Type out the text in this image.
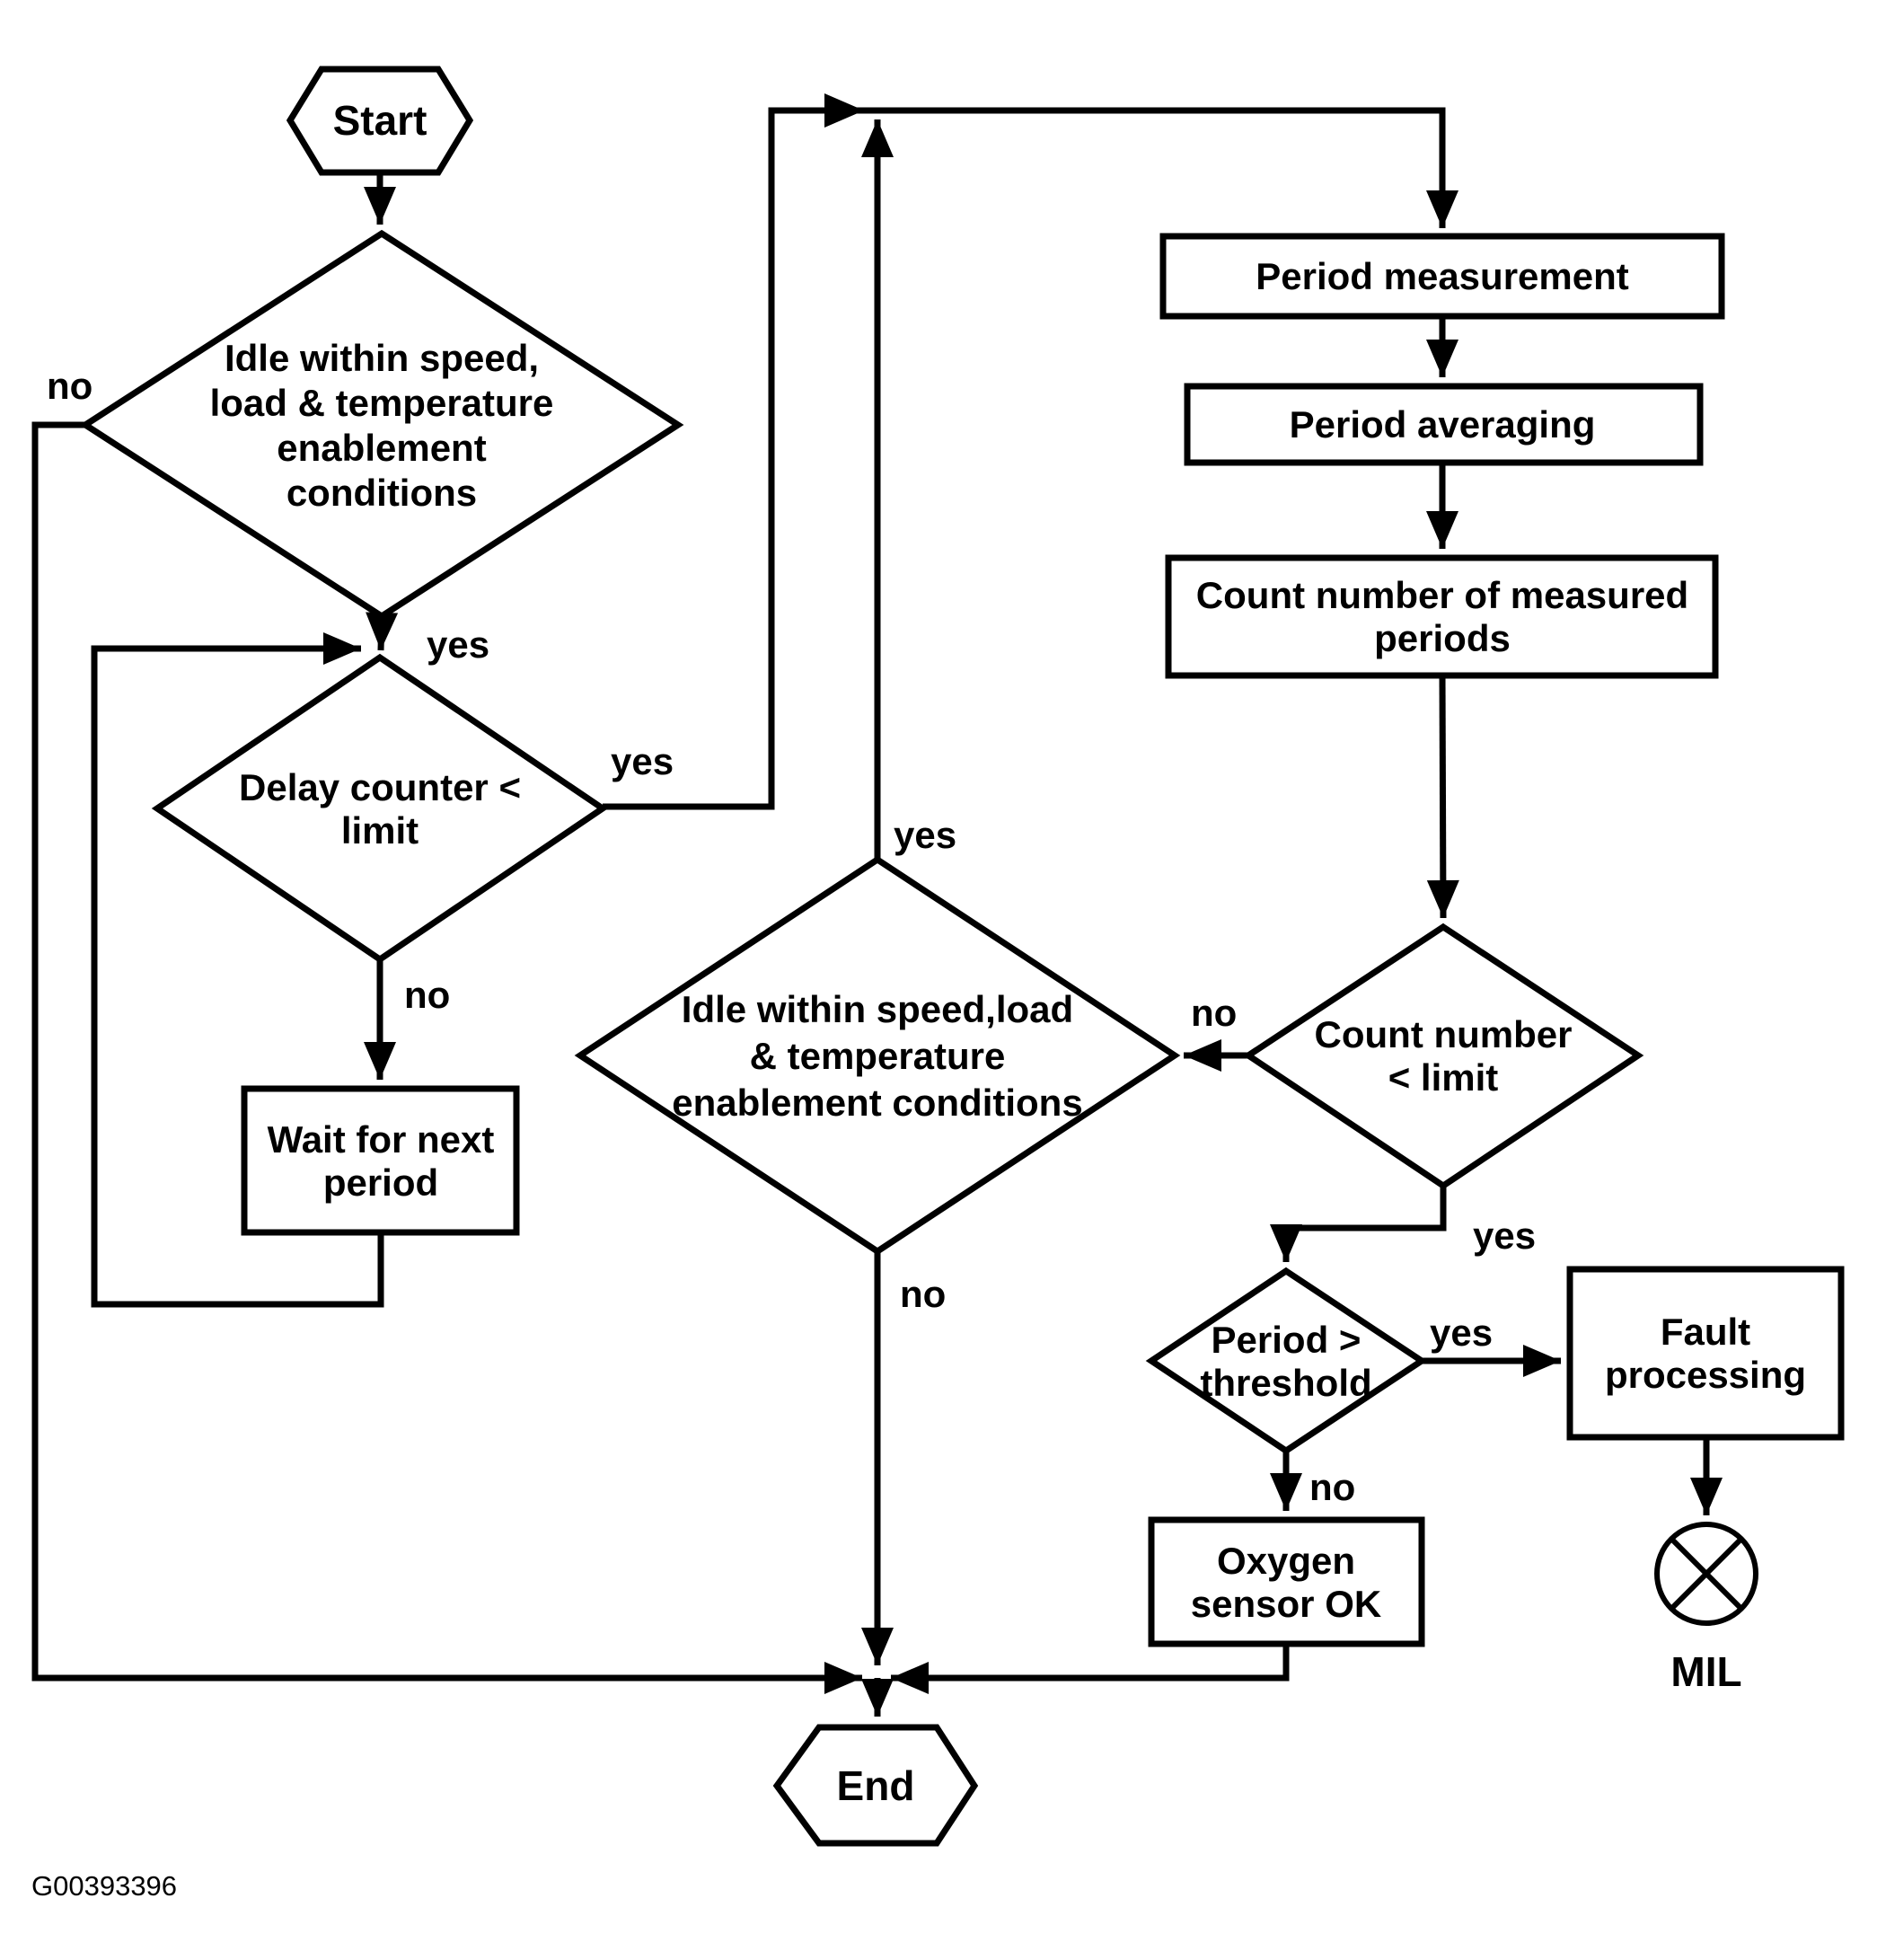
Start
Idle within speed,
load & temperature
enablement
conditions
Delay counter <
limit
Wait for next
period
Period measurement
Period averaging
Count number of measured
periods
Count number
< limit
Idle within speed,load
& temperature
enablement conditions
Period >
threshold
Fault
processing
Oxygen
sensor OK
MIL
End
no
yes
yes
no
yes
no
no
yes
yes
no
G00393396
